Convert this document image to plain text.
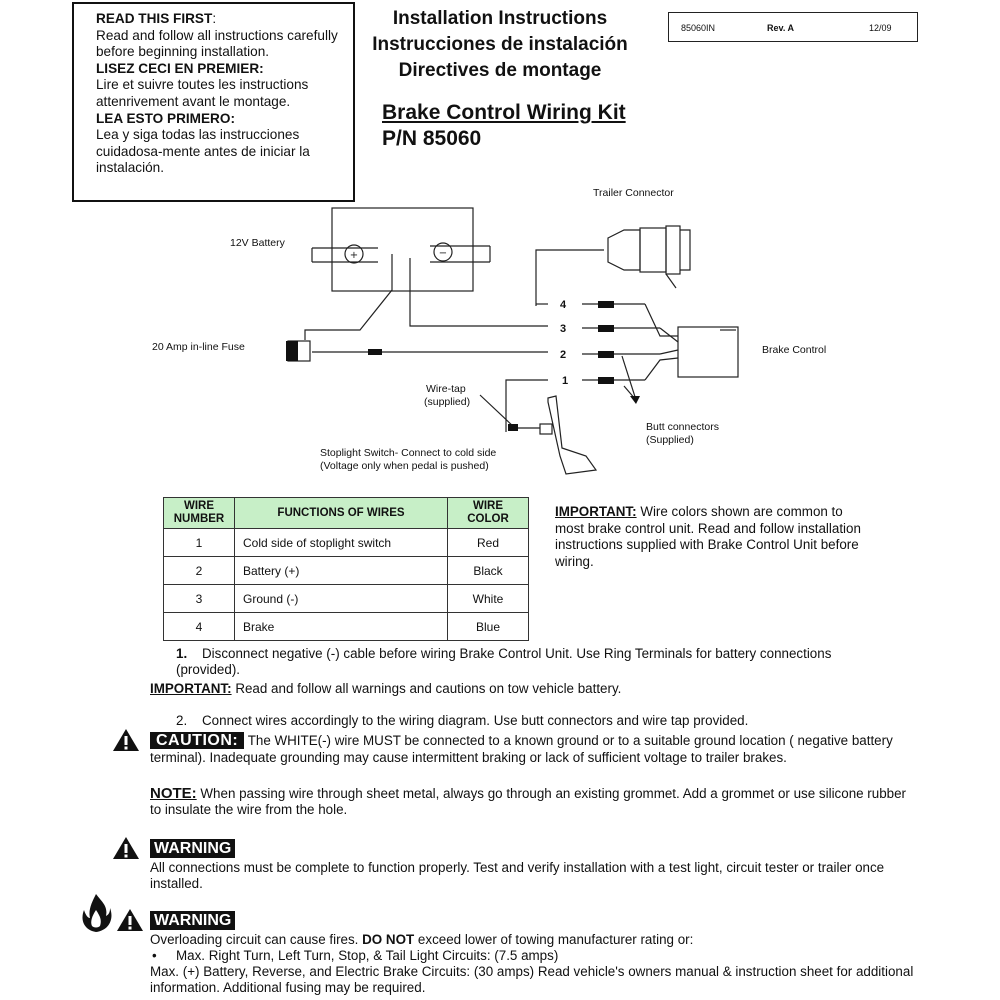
READ THIS FIRST:
Read and follow all instructions carefully before beginning installation.
LISEZ CECI EN PREMIER:
Lire et suivre toutes les instructions attenrivement avant le montage.
LEA ESTO PRIMERO:
Lea y siga todas las instrucciones cuidadosa-mente antes de iniciar la instalación.
Installation Instructions
Instrucciones de instalación
Directives de montage
85060IN	Rev. A	12/09
Brake Control Wiring Kit
P/N 85060
+	−
4
3
2
1
Trailer Connector
12V Battery
20 Amp in-line Fuse	Brake Control
Wire-tap
(supplied)
Butt connectors
(Supplied)
Stoplight Switch- Connect to cold side
(Voltage only when pedal is pushed)
WIRE
NUMBER	FUNCTIONS OF WIRES	WIRE
COLOR
1	Cold side of stoplight switch	Red
2	Battery (+)	Black
3	Ground (-)	White
4	Brake	Blue
IMPORTANT: Wire colors shown are common to most brake control unit. Read and follow installation instructions supplied with Brake Control Unit before wiring.
1. Disconnect negative (-) cable before wiring Brake Control Unit. Use Ring Terminals for battery connections (provided).
IMPORTANT: Read and follow all warnings and cautions on tow vehicle battery.
2. Connect wires accordingly to the wiring diagram. Use butt connectors and wire tap provided.
CAUTION: The WHITE(-) wire MUST be connected to a known ground or to a suitable ground location ( negative battery terminal). Inadequate grounding may cause intermittent braking or lack of sufficient voltage to trailer brakes.
NOTE: When passing wire through sheet metal, always go through an existing grommet. Add a grommet or use silicone rubber to insulate the wire from the hole.
WARNING
All connections must be complete to function properly. Test and verify installation with a test light, circuit tester or trailer once installed.
WARNING
Overloading circuit can cause fires. DO NOT exceed lower of towing manufacturer rating or:
• Max. Right Turn, Left Turn, Stop, & Tail Light Circuits: (7.5 amps)
Max. (+) Battery, Reverse, and Electric Brake Circuits: (30 amps) Read vehicle's owners manual & instruction sheet for additional information. Additional fusing may be required.
